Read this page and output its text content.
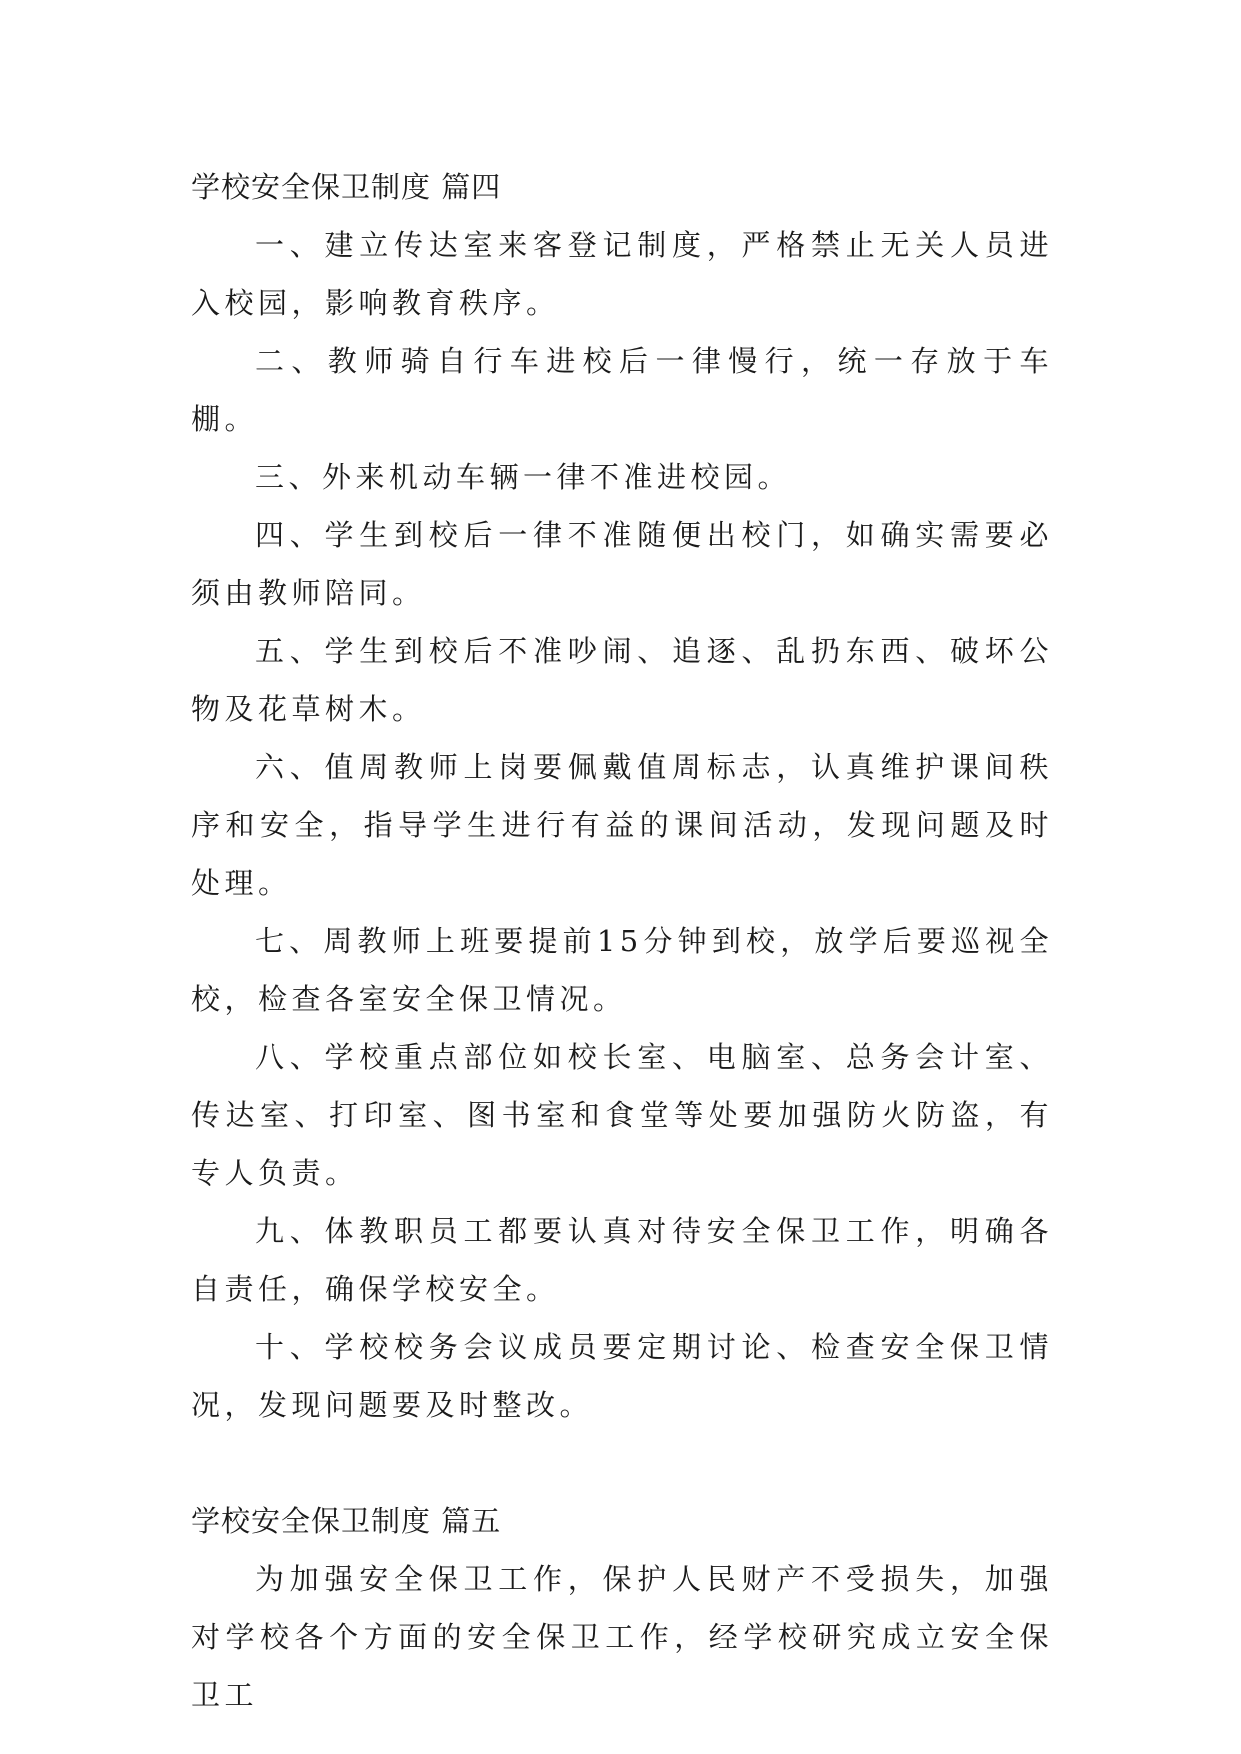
学校安全保卫制度 篇四

一、建立传达室来客登记制度，严格禁止无关人员进入校园，影响教育秩序。

二、教师骑自行车进校后一律慢行，统一存放于车棚。

三、外来机动车辆一律不准进校园。

四、学生到校后一律不准随便出校门，如确实需要必须由教师陪同。

五、学生到校后不准吵闹、追逐、乱扔东西、破坏公物及花草树木。

六、值周教师上岗要佩戴值周标志，认真维护课间秩序和安全，指导学生进行有益的课间活动，发现问题及时处理。

七、周教师上班要提前15分钟到校，放学后要巡视全校，检查各室安全保卫情况。

八、学校重点部位如校长室、电脑室、总务会计室、传达室、打印室、图书室和食堂等处要加强防火防盗，有专人负责。

九、体教职员工都要认真对待安全保卫工作，明确各自责任，确保学校安全。

十、学校校务会议成员要定期讨论、检查安全保卫情况，发现问题要及时整改。

学校安全保卫制度 篇五

为加强安全保卫工作，保护人民财产不受损失，加强对学校各个方面的安全保卫工作，经学校研究成立安全保卫工
